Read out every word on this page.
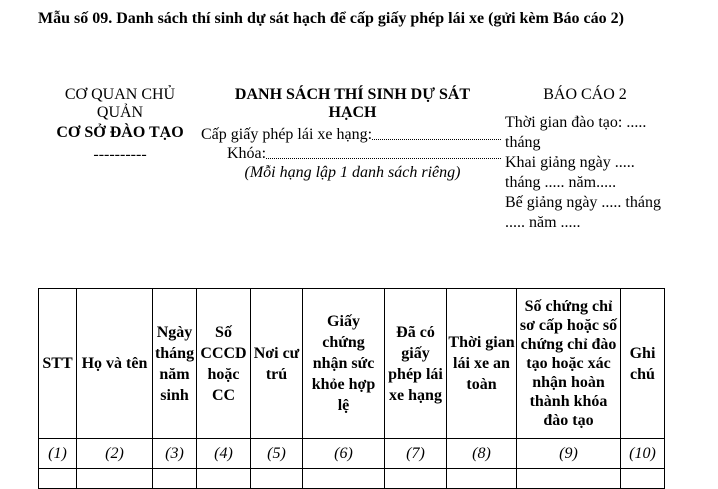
Mẫu số 09. Danh sách thí sinh dự sát hạch để cấp giấy phép lái xe (gửi kèm Báo cáo 2)
CƠ QUAN CHỦ QUẢN
CƠ SỞ ĐÀO TẠO
----------
DANH SÁCH THÍ SINH DỰ SÁT HẠCH
Cấp giấy phép lái xe hạng:
Khóa:
(Mỗi hạng lập 1 danh sách riêng)
BÁO CÁO 2
Thời gian đào tạo: ..... tháng
Khai giảng ngày ..... tháng ..... năm.....
Bế giảng ngày ..... tháng ..... năm .....
STT	Họ và tên	Ngày tháng năm sinh	Số CCCD hoặc CC	Nơi cư trú	Giấy chứng nhận sức khỏe hợp lệ	Đã có giấy phép lái xe hạng	Thời gian lái xe an toàn	Số chứng chỉ sơ cấp hoặc số chứng chỉ đào tạo hoặc xác nhận hoàn thành khóa đào tạo	Ghi chú
(1)	(2)	(3)	(4)	(5)	(6)	(7)	(8)	(9)	(10)
